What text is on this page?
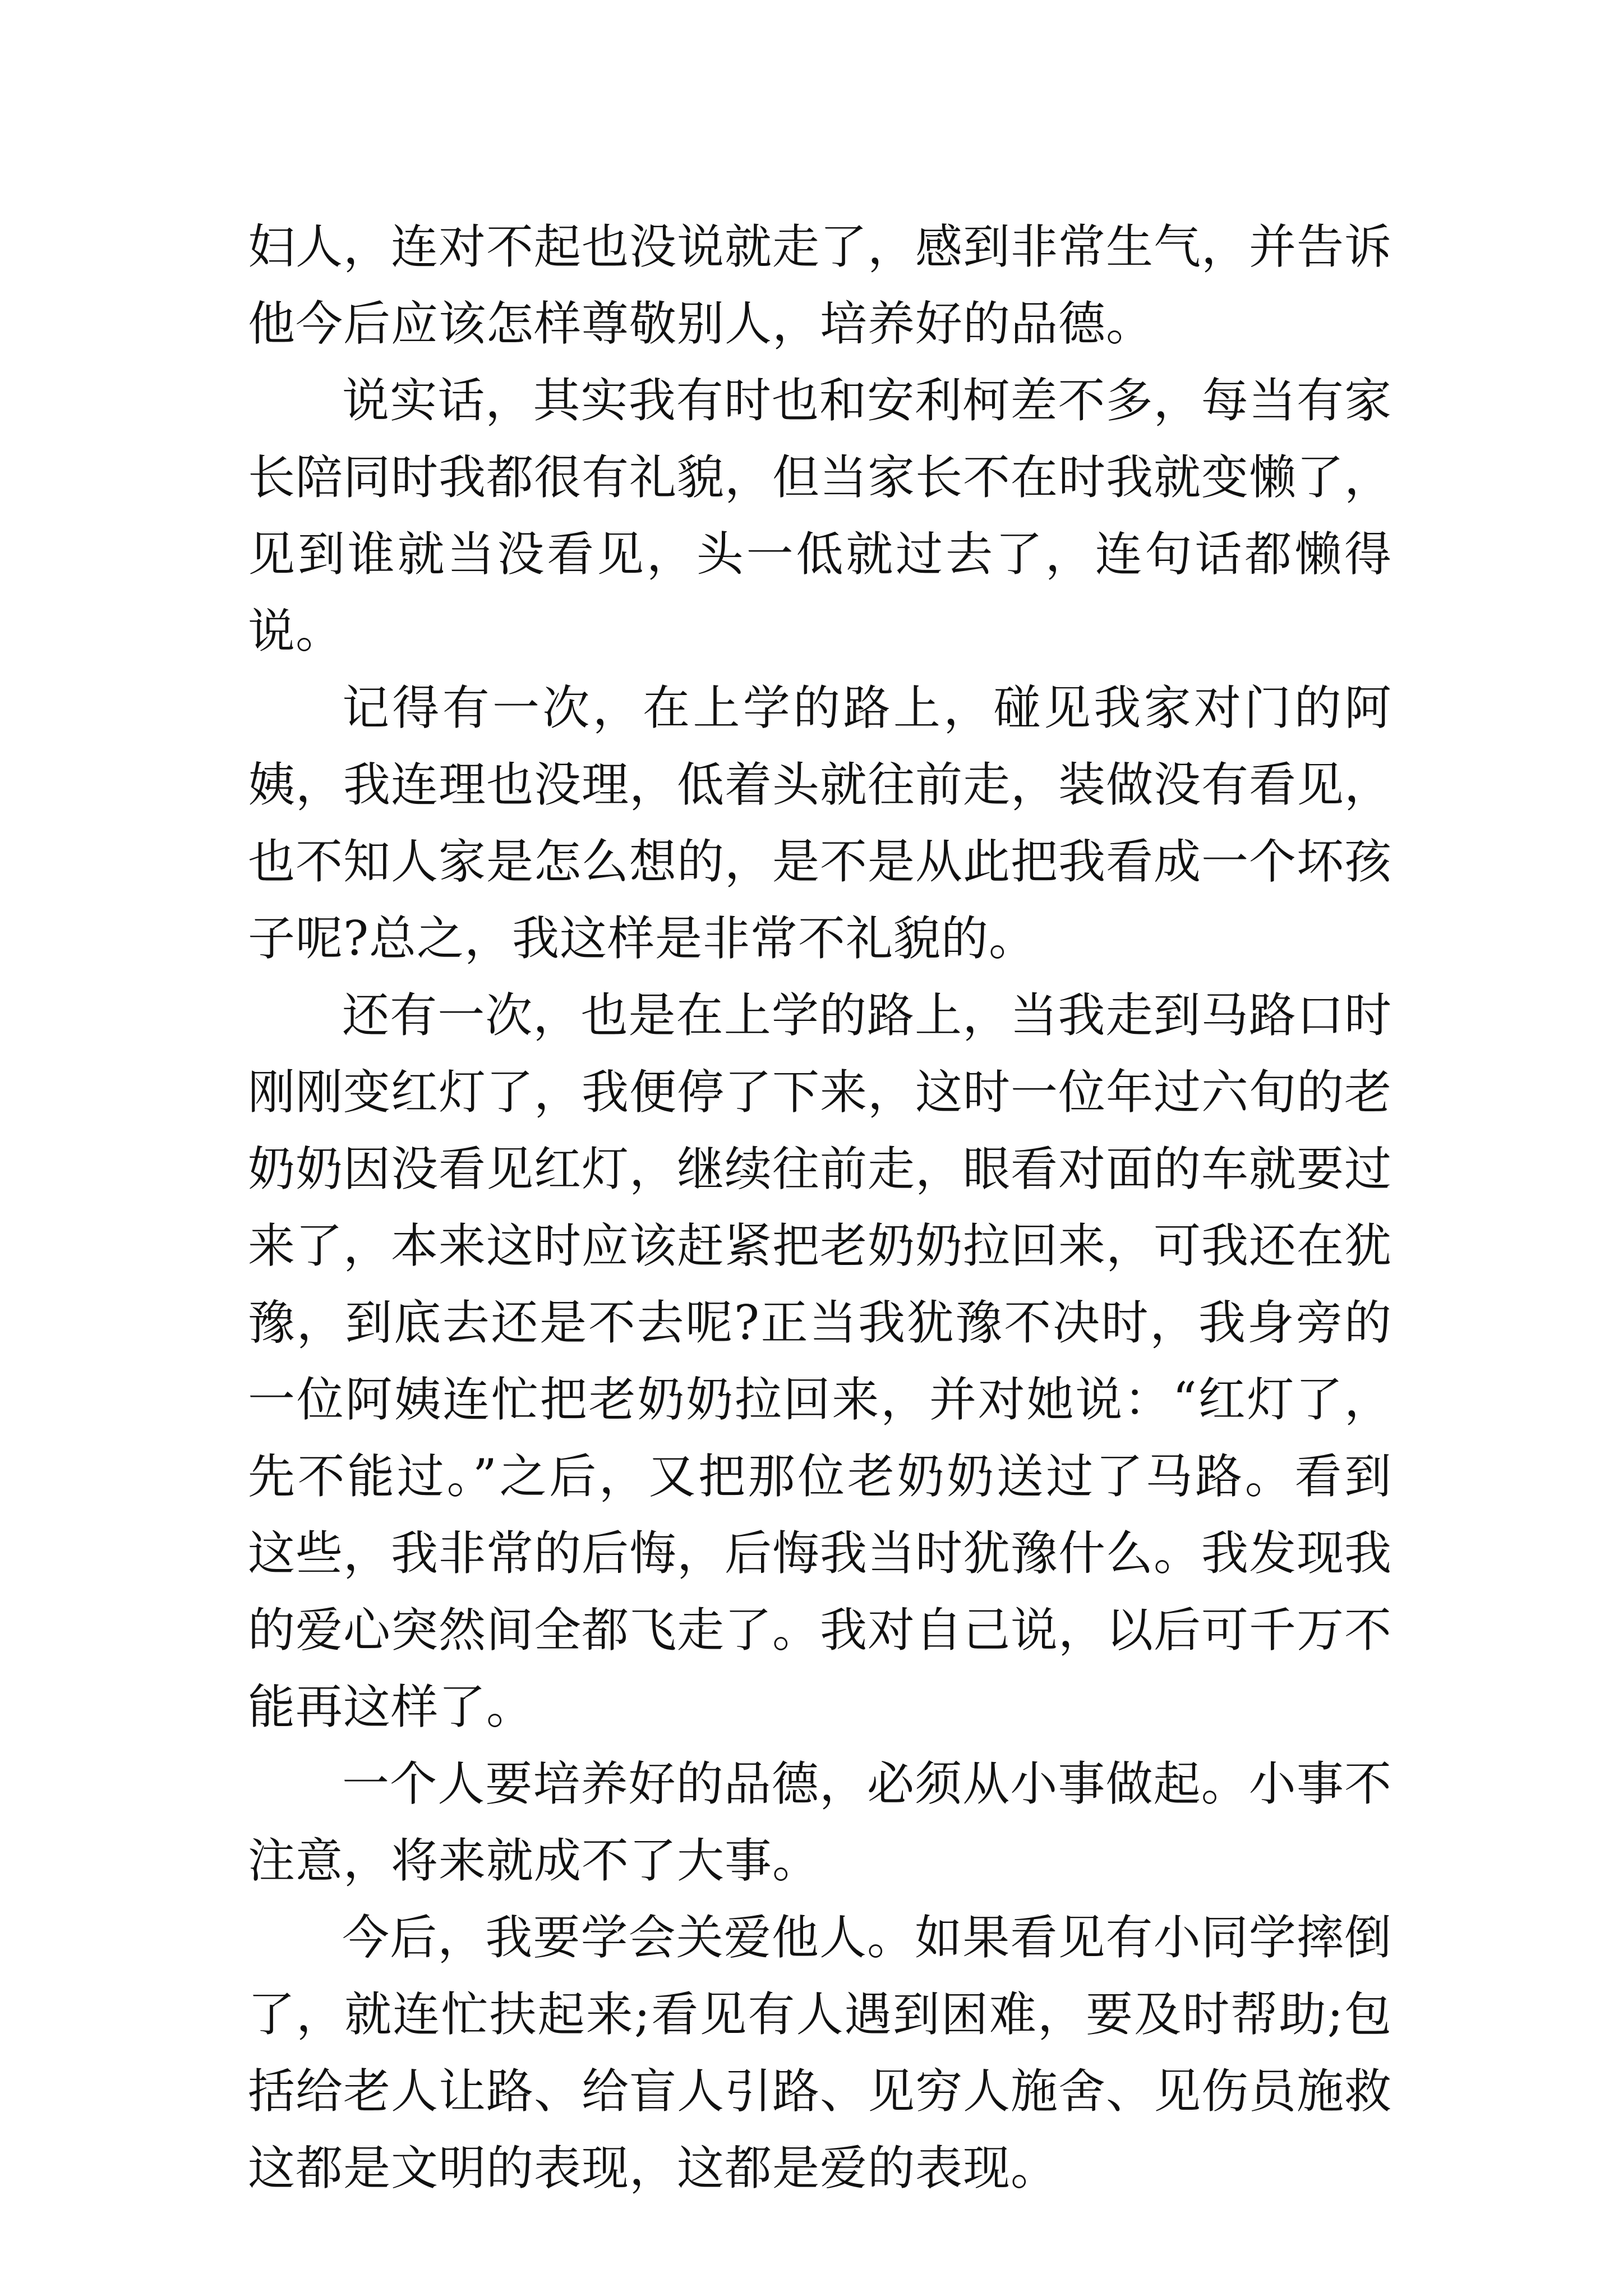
妇人，连对不起也没说就走了，感到非常生气，并告诉他今后应该怎样尊敬别人，培养好的品德。

说实话，其实我有时也和安利柯差不多，每当有家长陪同时我都很有礼貌，但当家长不在时我就变懒了，见到谁就当没看见，头一低就过去了，连句话都懒得说。

记得有一次，在上学的路上，碰见我家对门的阿姨，我连理也没理，低着头就往前走，装做没有看见，也不知人家是怎么想的，是不是从此把我看成一个坏孩子呢?总之，我这样是非常不礼貌的。

还有一次，也是在上学的路上，当我走到马路口时刚刚变红灯了，我便停了下来，这时一位年过六旬的老奶奶因没看见红灯，继续往前走，眼看对面的车就要过来了，本来这时应该赶紧把老奶奶拉回来，可我还在犹豫，到底去还是不去呢?正当我犹豫不决时，我身旁的一位阿姨连忙把老奶奶拉回来，并对她说：“红灯了，先不能过。”之后，又把那位老奶奶送过了马路。看到这些，我非常的后悔，后悔我当时犹豫什么。我发现我的爱心突然间全都飞走了。我对自己说，以后可千万不能再这样了。

一个人要培养好的品德，必须从小事做起。小事不注意，将来就成不了大事。

今后，我要学会关爱他人。如果看见有小同学摔倒了，就连忙扶起来;看见有人遇到困难，要及时帮助;包括给老人让路、给盲人引路、见穷人施舍、见伤员施救这都是文明的表现，这都是爱的表现。
